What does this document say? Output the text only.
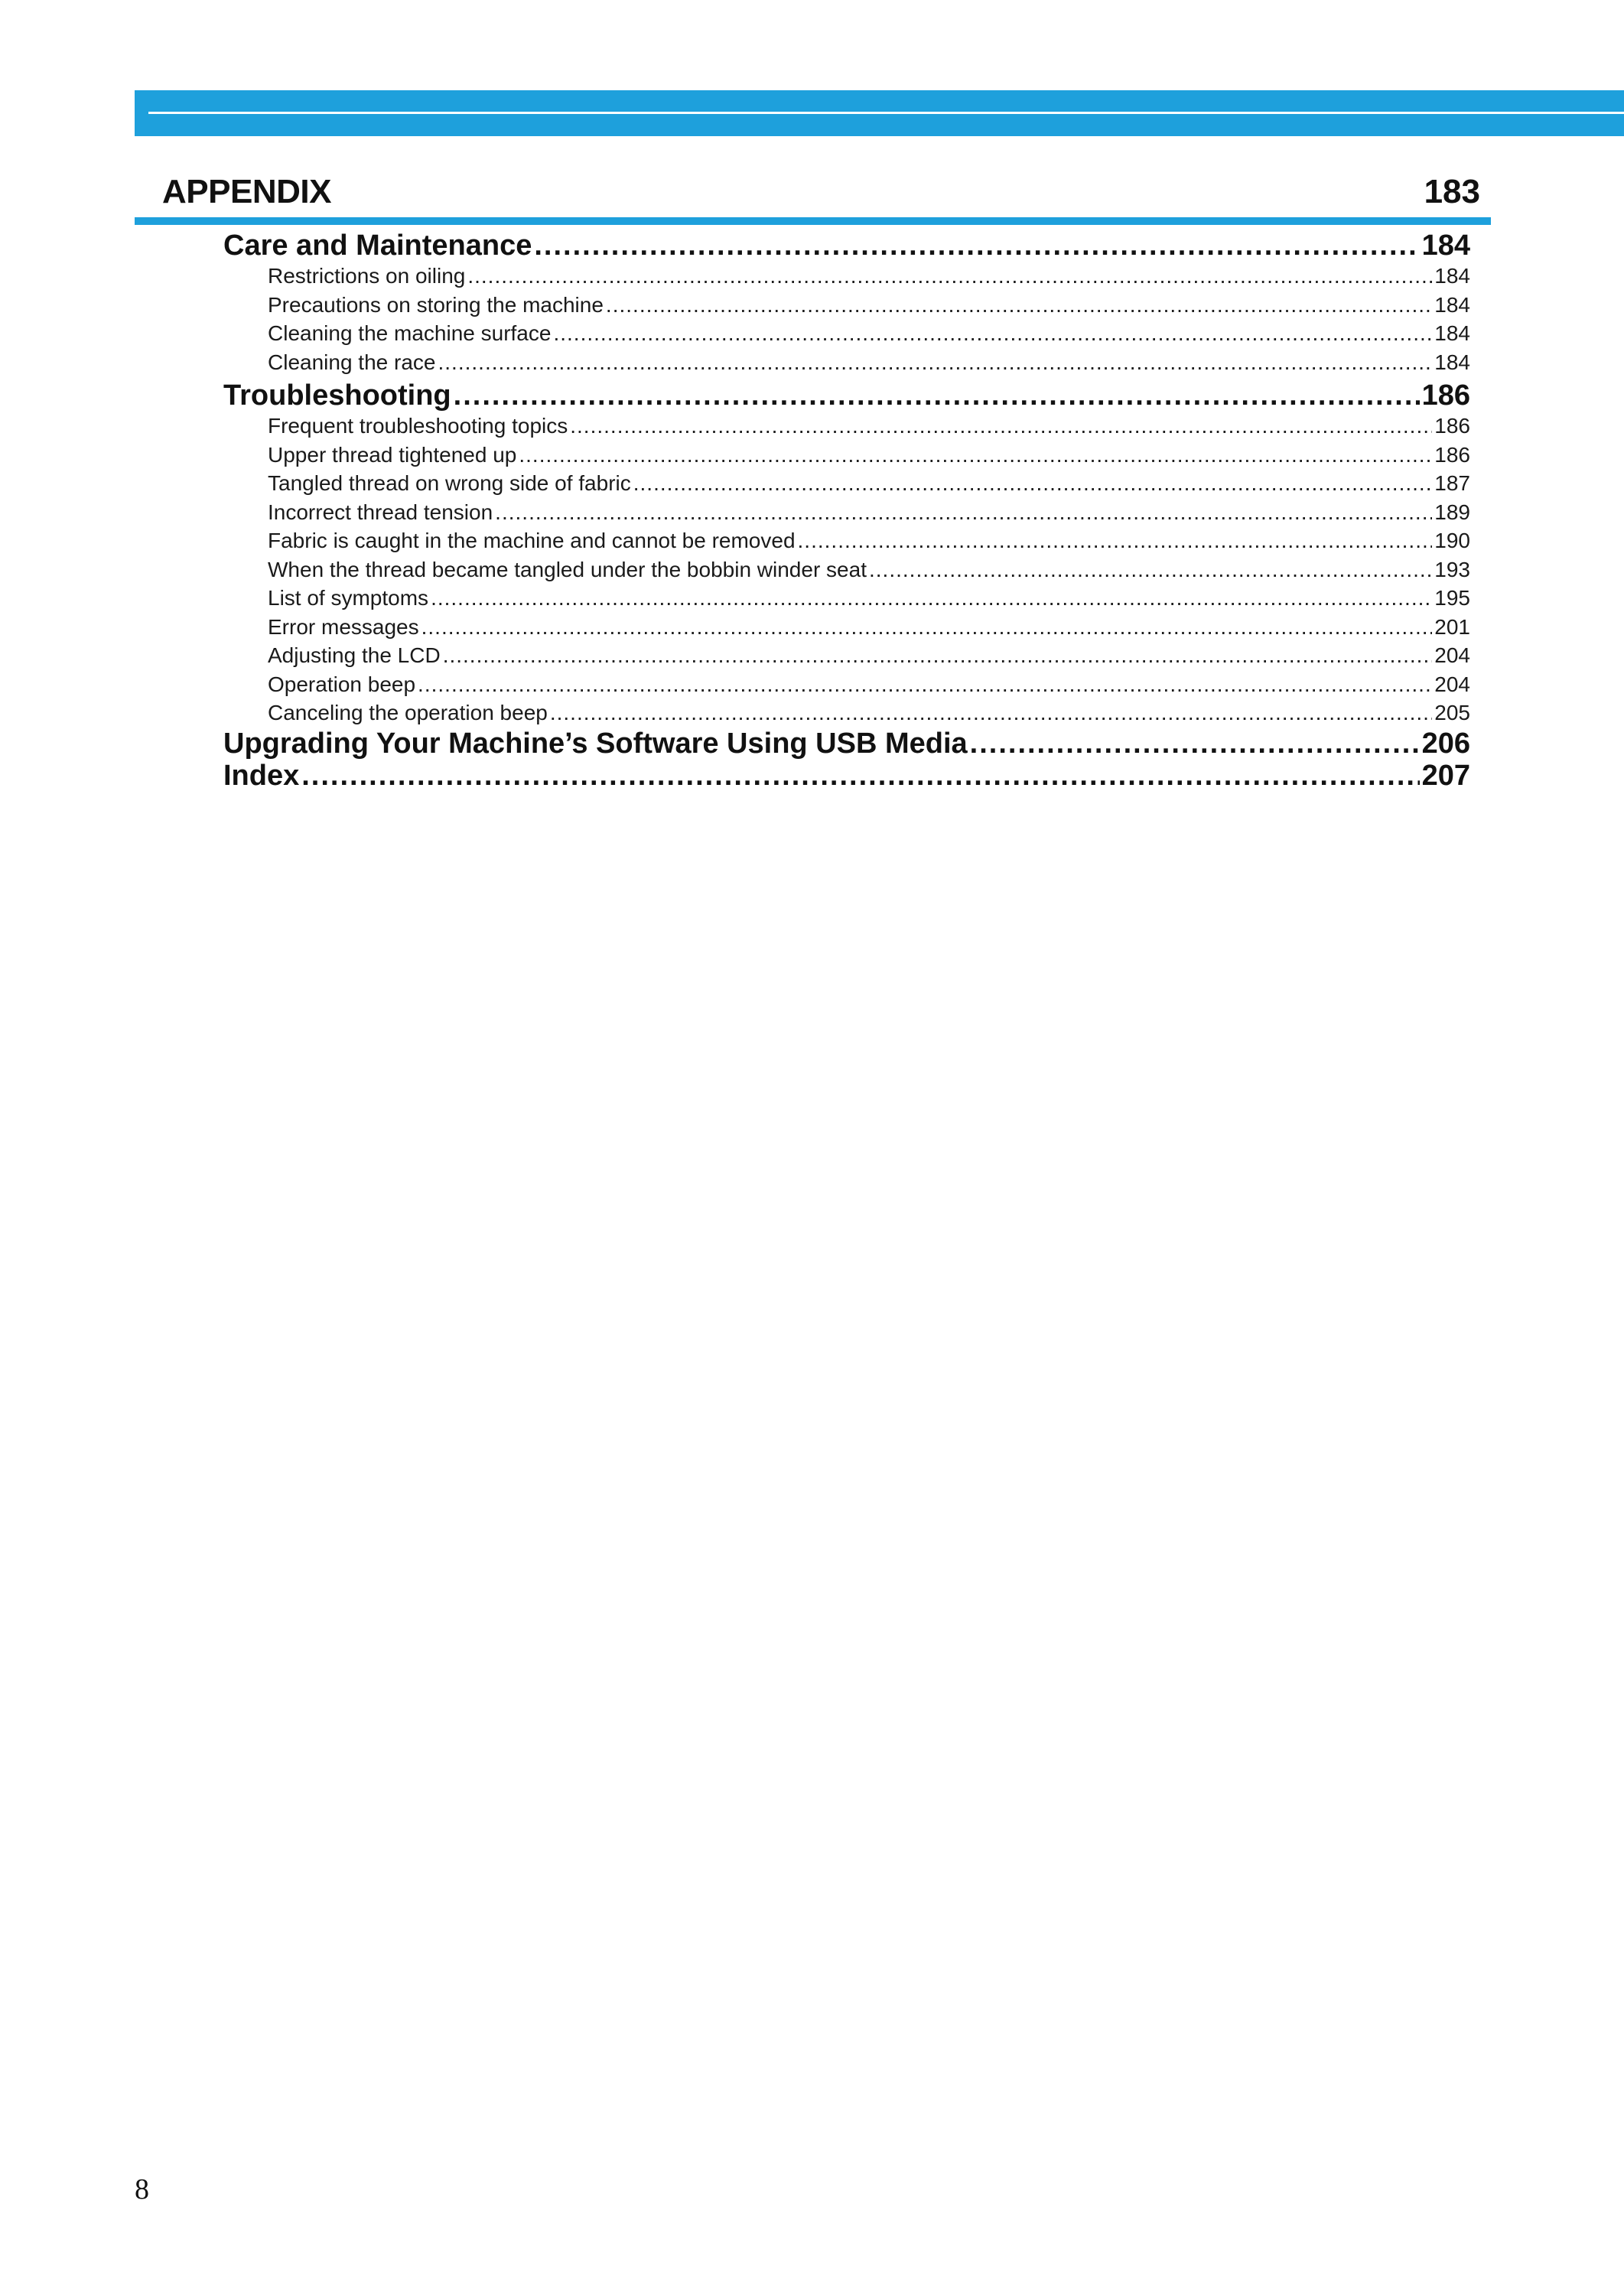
APPENDIX	183
Care and Maintenance .....	184
Restrictions on oiling .....	184
Precautions on storing the machine .....	184
Cleaning the machine surface .....	184
Cleaning the race .....	184
Troubleshooting .....	186
Frequent troubleshooting topics .....	186
Upper thread tightened up .....	186
Tangled thread on wrong side of fabric .....	187
Incorrect thread tension .....	189
Fabric is caught in the machine and cannot be removed .....	190
When the thread became tangled under the bobbin winder seat .....	193
List of symptoms .....	195
Error messages .....	201
Adjusting the LCD .....	204
Operation beep .....	204
Canceling the operation beep .....	205
Upgrading Your Machine’s Software Using USB Media .....	206
Index .....	207
8
